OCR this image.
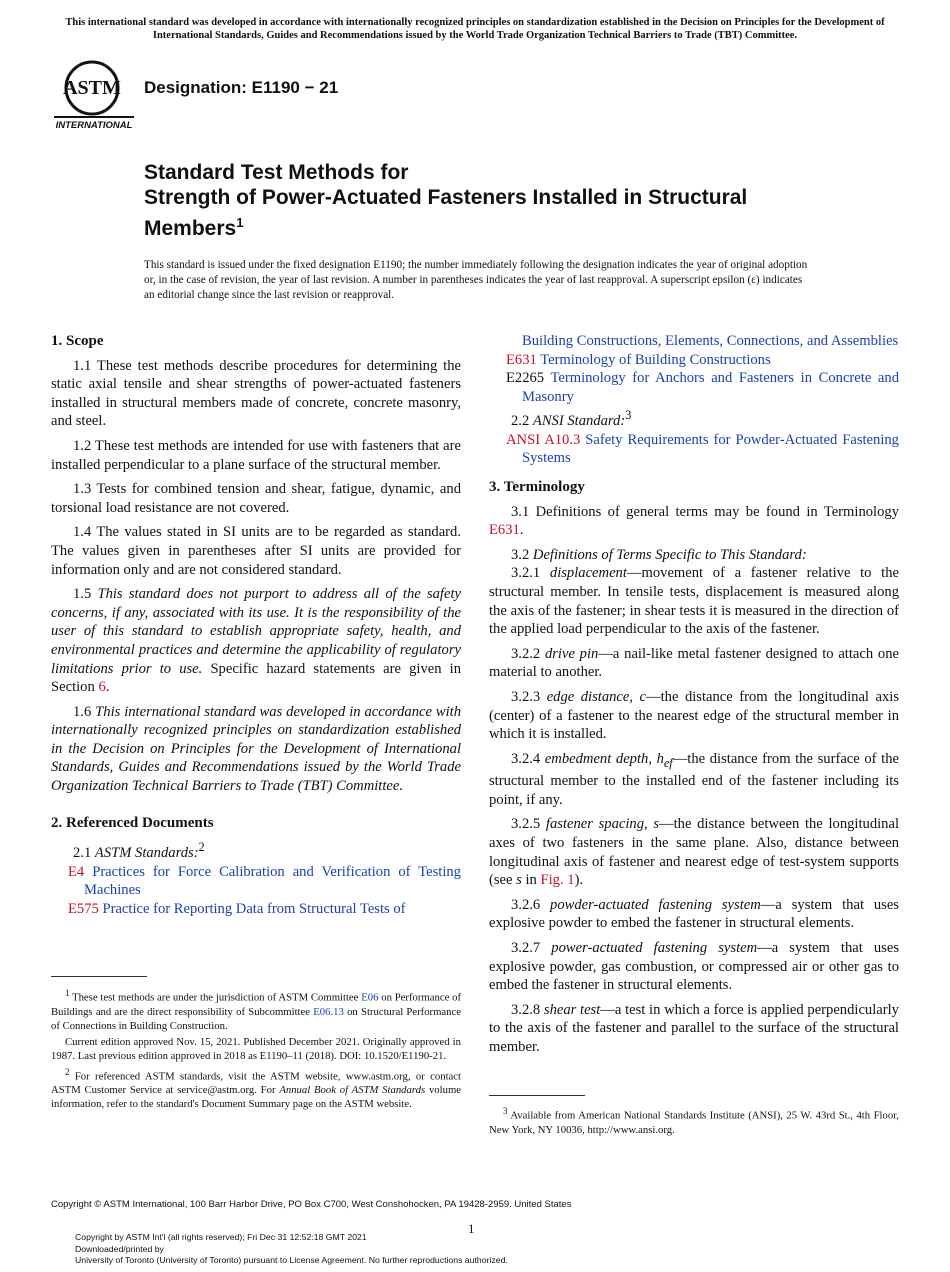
This international standard was developed in accordance with internationally recognized principles on standardization established in the Decision on Principles for the Development of International Standards, Guides and Recommendations issued by the World Trade Organization Technical Barriers to Trade (TBT) Committee.
ASTM
INTERNATIONAL
Designation: E1190 − 21
Standard Test Methods for
Strength of Power-Actuated Fasteners Installed in Structural Members$^1$
This standard is issued under the fixed designation E1190; the number immediately following the designation indicates the year of original adoption or, in the case of revision, the year of last revision. A number in parentheses indicates the year of last reapproval. A superscript epsilon (ε) indicates an editorial change since the last revision or reapproval.
1. Scope

1.1 These test methods describe procedures for determining the static axial tensile and shear strengths of power-actuated fasteners installed in structural members made of concrete, concrete masonry, and steel.

1.2 These test methods are intended for use with fasteners that are installed perpendicular to a plane surface of the structural member.

1.3 Tests for combined tension and shear, fatigue, dynamic, and torsional load resistance are not covered.

1.4 The values stated in SI units are to be regarded as standard. The values given in parentheses after SI units are provided for information only and are not considered standard.

1.5 This standard does not purport to address all of the safety concerns, if any, associated with its use. It is the responsibility of the user of this standard to establish appropriate safety, health, and environmental practices and determine the applicability of regulatory limitations prior to use. Specific hazard statements are given in Section 6.

1.6 This international standard was developed in accordance with internationally recognized principles on standardization established in the Decision on Principles for the Development of International Standards, Guides and Recommendations issued by the World Trade Organization Technical Barriers to Trade (TBT) Committee.

2. Referenced Documents

2.1 ASTM Standards:$^2$

E4 Practices for Force Calibration and Verification of Testing Machines
E575 Practice for Reporting Data from Structural Tests of
Building Constructions, Elements, Connections, and Assemblies
E631 Terminology of Building Constructions
E2265 Terminology for Anchors and Fasteners in Concrete and Masonry

2.2 ANSI Standard:$^3$

ANSI A10.3 Safety Requirements for Powder-Actuated Fastening Systems
3. Terminology

3.1 Definitions of general terms may be found in Terminology E631.

3.2 Definitions of Terms Specific to This Standard:

3.2.1 displacement—movement of a fastener relative to the structural member. In tensile tests, displacement is measured along the axis of the fastener; in shear tests it is measured in the direction of the applied load perpendicular to the axis of the fastener.

3.2.2 drive pin—a nail-like metal fastener designed to attach one material to another.

3.2.3 edge distance, c—the distance from the longitudinal axis (center) of a fastener to the nearest edge of the structural member in which it is installed.

3.2.4 embedment depth, $h_{ef}—the$ distance from the surface of the structural member to the installed end of the fastener including its point, if any.

3.2.5 fastener spacing, s—the distance between the longitudinal axes of two fasteners in the same plane. Also, distance between longitudinal axis of fastener and nearest edge of test-system supports (see s in Fig. 1).

3.2.6 powder-actuated fastening system—a system that uses explosive powder to embed the fastener in structural elements.

3.2.7 power-actuated fastening system—a system that uses explosive powder, gas combustion, or compressed air or other gas to embed the fastener in structural elements.

3.2.8 shear test—a test in which a force is applied perpendicularly to the axis of the fastener and parallel to the surface of the structural member.

$^1$ These test methods are under the jurisdiction of ASTM Committee E06 on Performance of Buildings and are the direct responsibility of Subcommittee E06.13 on Structural Performance of Connections in Building Construction.

Current edition approved Nov. 15, 2021. Published December 2021. Originally approved in 1987. Last previous edition approved in 2018 as E1190–11 (2018). DOI: 10.1520/E1190-21.

$^2$ For referenced ASTM standards, visit the ASTM website, www.astm.org, or contact ASTM Customer Service at service@astm.org. For Annual Book of ASTM Standards volume information, refer to the standard's Document Summary page on the ASTM website.

$^3$ Available from American National Standards Institute (ANSI), 25 W. 43rd St., 4th Floor, New York, NY 10036, http://www.ansi.org.

Copyright © ASTM International, 100 Barr Harbor Drive, PO Box C700, West Conshohocken, PA 19428-2959. United States
1
Copyright by ASTM Int'l (all rights reserved); Fri Dec 31 12:52:18 GMT 2021
Downloaded/printed by
University of Toronto (University of Toronto) pursuant to License Agreement. No further reproductions authorized.
